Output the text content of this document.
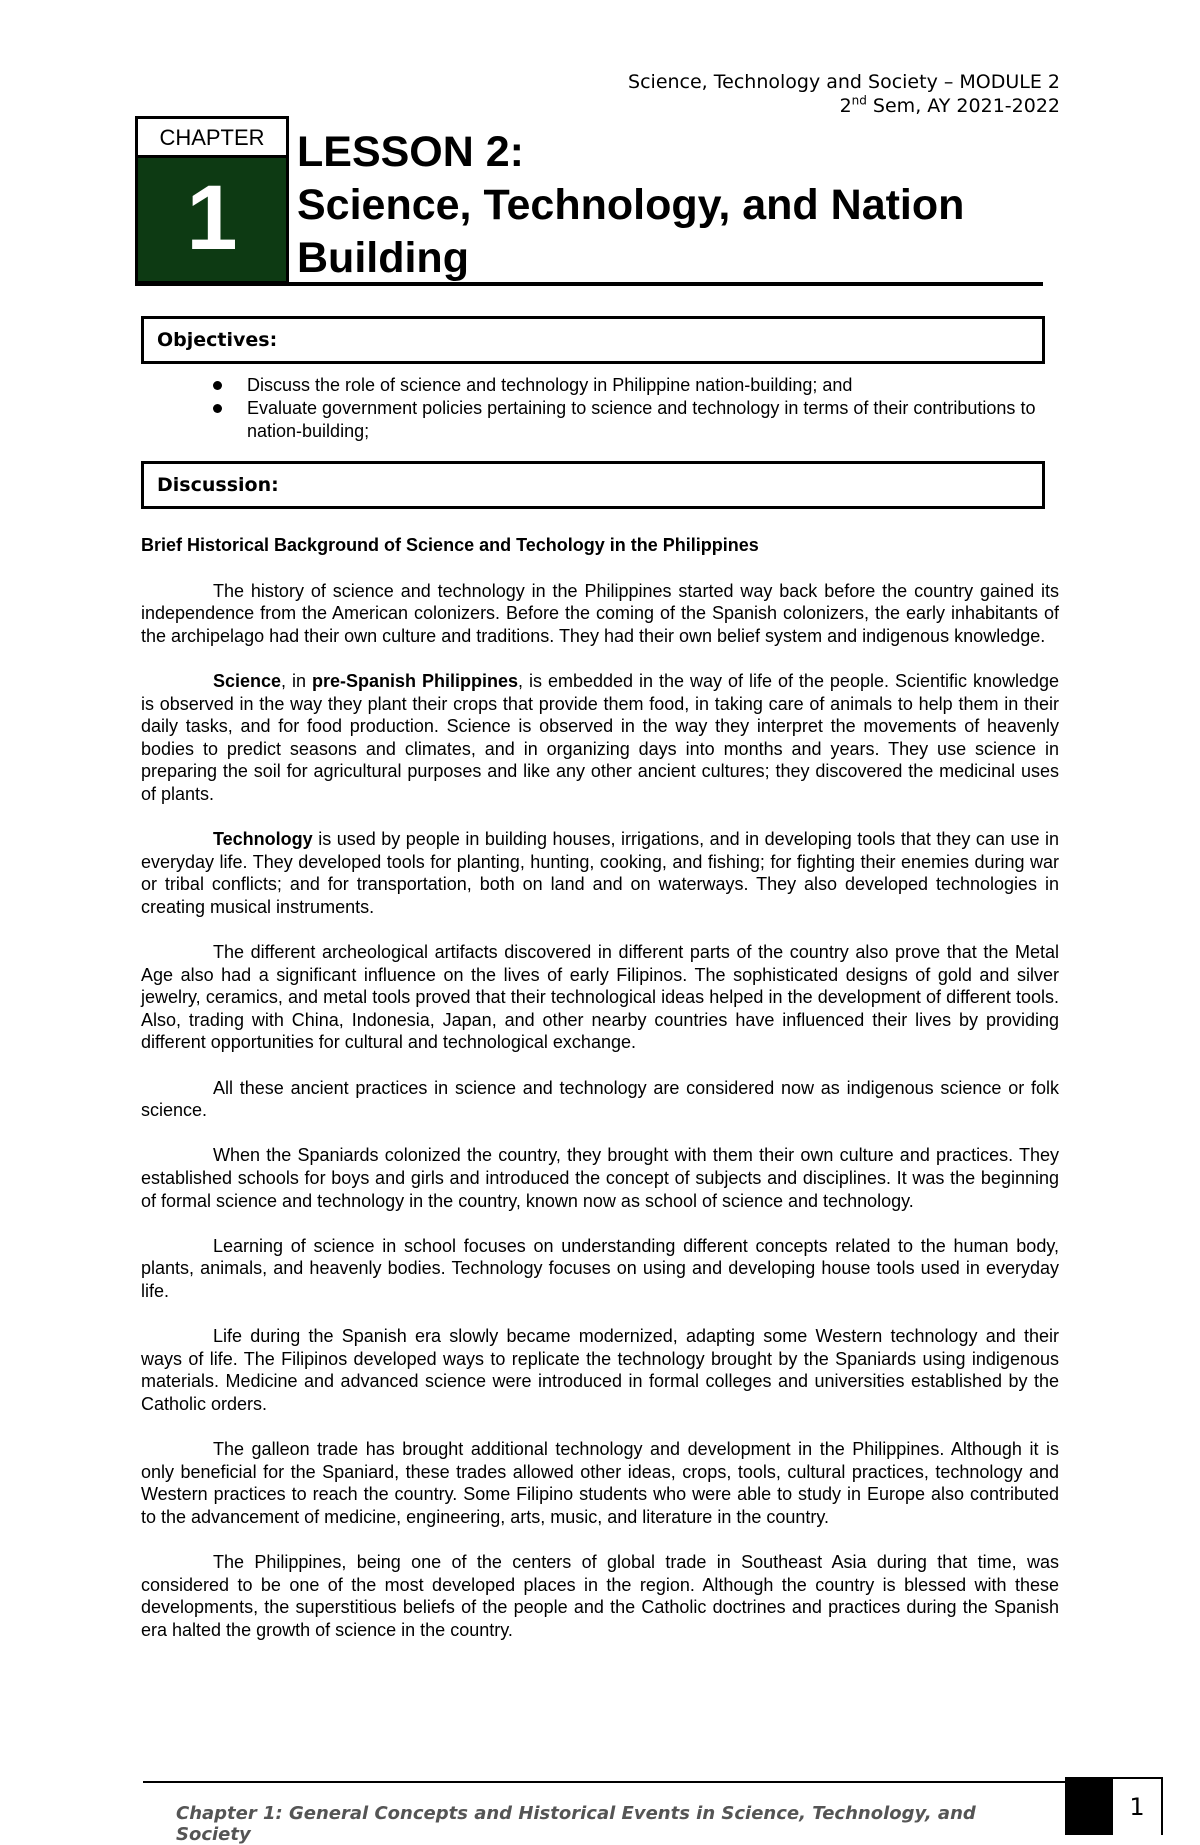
Science, Technology and Society – MODULE 2
2nd Sem, AY 2021-2022
CHAPTER
1
LESSON 2:
Science, Technology, and Nation Building
Objectives:
Discuss the role of science and technology in Philippine nation-building; and
Evaluate government policies pertaining to science and technology in terms of their contributions to nation-building;
Discussion:
Brief Historical Background of Science and Techology in the Philippines

The history of science and technology in the Philippines started way back before the country gained its independence from the American colonizers. Before the coming of the Spanish colonizers, the early inhabitants of the archipelago had their own culture and traditions. They had their own belief system and indigenous knowledge.

Science, in pre-Spanish Philippines, is embedded in the way of life of the people. Scientific knowledge is observed in the way they plant their crops that provide them food, in taking care of animals to help them in their daily tasks, and for food production. Science is observed in the way they interpret the movements of heavenly bodies to predict seasons and climates, and in organizing days into months and years. They use science in preparing the soil for agricultural purposes and like any other ancient cultures; they discovered the medicinal uses of plants.

Technology is used by people in building houses, irrigations, and in developing tools that they can use in everyday life. They developed tools for planting, hunting, cooking, and fishing; for fighting their enemies during war or tribal conflicts; and for transportation, both on land and on waterways. They also developed technologies in creating musical instruments.

The different archeological artifacts discovered in different parts of the country also prove that the Metal Age also had a significant influence on the lives of early Filipinos. The sophisticated designs of gold and silver jewelry, ceramics, and metal tools proved that their technological ideas helped in the development of different tools. Also, trading with China, Indonesia, Japan, and other nearby countries have influenced their lives by providing different opportunities for cultural and technological exchange.

All these ancient practices in science and technology are considered now as indigenous science or folk science.

When the Spaniards colonized the country, they brought with them their own culture and practices. They established schools for boys and girls and introduced the concept of subjects and disciplines. It was the beginning of formal science and technology in the country, known now as school of science and technology.

Learning of science in school focuses on understanding different concepts related to the human body, plants, animals, and heavenly bodies. Technology focuses on using and developing house tools used in everyday life.

Life during the Spanish era slowly became modernized, adapting some Western technology and their ways of life. The Filipinos developed ways to replicate the technology brought by the Spaniards using indigenous materials. Medicine and advanced science were introduced in formal colleges and universities established by the Catholic orders.

The galleon trade has brought additional technology and development in the Philippines. Although it is only beneficial for the Spaniard, these trades allowed other ideas, crops, tools, cultural practices, technology and Western practices to reach the country. Some Filipino students who were able to study in Europe also contributed to the advancement of medicine, engineering, arts, music, and literature in the country.

The Philippines, being one of the centers of global trade in Southeast Asia during that time, was considered to be one of the most developed places in the region. Although the country is blessed with these developments, the superstitious beliefs of the people and the Catholic doctrines and practices during the Spanish era halted the growth of science in the country.

Chapter 1: General Concepts and Historical Events in Science, Technology, and Society
1
